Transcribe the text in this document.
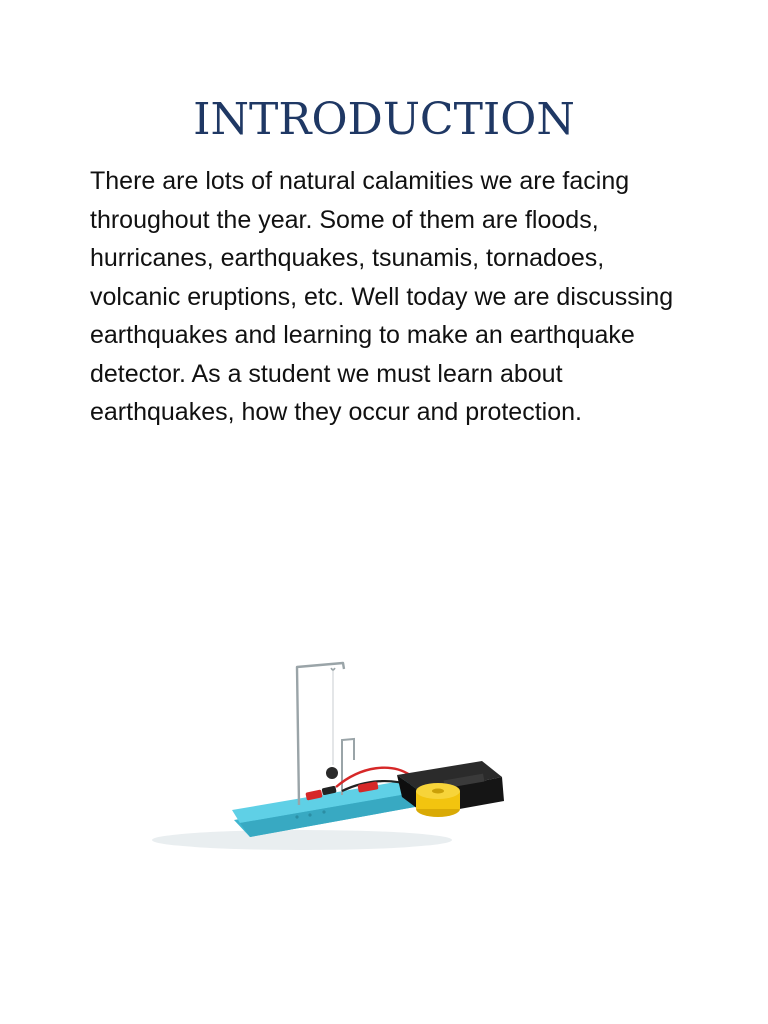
INTRODUCTION

There are lots of natural calamities we are facing throughout the year. Some of them are floods, hurricanes, earthquakes, tsunamis, tornadoes, volcanic eruptions, etc. Well today we are discussing earthquakes and learning to make an earthquake detector. As a student we must learn about earthquakes, how they occur and protection.
